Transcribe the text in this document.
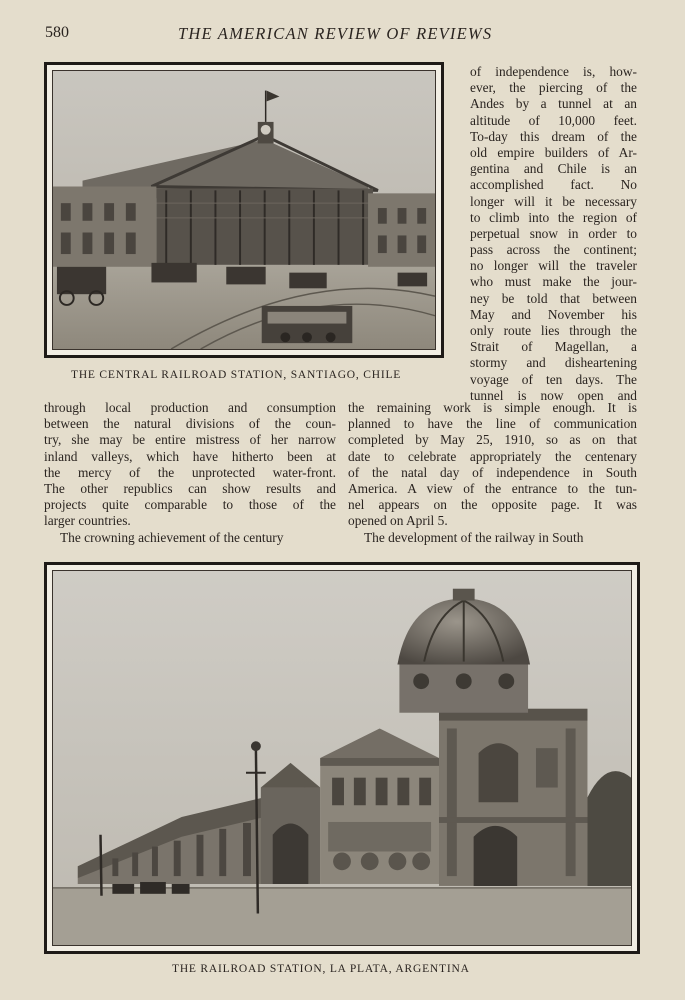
580	THE AMERICAN REVIEW OF REVIEWS
THE CENTRAL RAILROAD STATION, SANTIAGO, CHILE
of independence is, how-
ever, the piercing of the
Andes by a tunnel at an
altitude of 10,000 feet.
To-day this dream of the
old empire builders of Ar-
gentina and Chile is an
accomplished fact. No
longer will it be necessary
to climb into the region of
perpetual snow in order to
pass across the continent;
no longer will the traveler
who must make the jour-
ney be told that between
May and November his
only route lies through the
Strait of Magellan, a
stormy and disheartening
voyage of ten days. The
tunnel is now open and
through local production and consumption
between the natural divisions of the coun-
try, she may be entire mistress of her narrow
inland valleys, which have hitherto been at
the mercy of the unprotected water-front.
The other republics can show results and
projects quite comparable to those of the
larger countries.
The crowning achievement of the century
the remaining work is simple enough. It is
planned to have the line of communication
completed by May 25, 1910, so as on that
date to celebrate appropriately the centenary
of the natal day of independence in South
America. A view of the entrance to the tun-
nel appears on the opposite page. It was
opened on April 5.
The development of the railway in South
THE RAILROAD STATION, LA PLATA, ARGENTINA
